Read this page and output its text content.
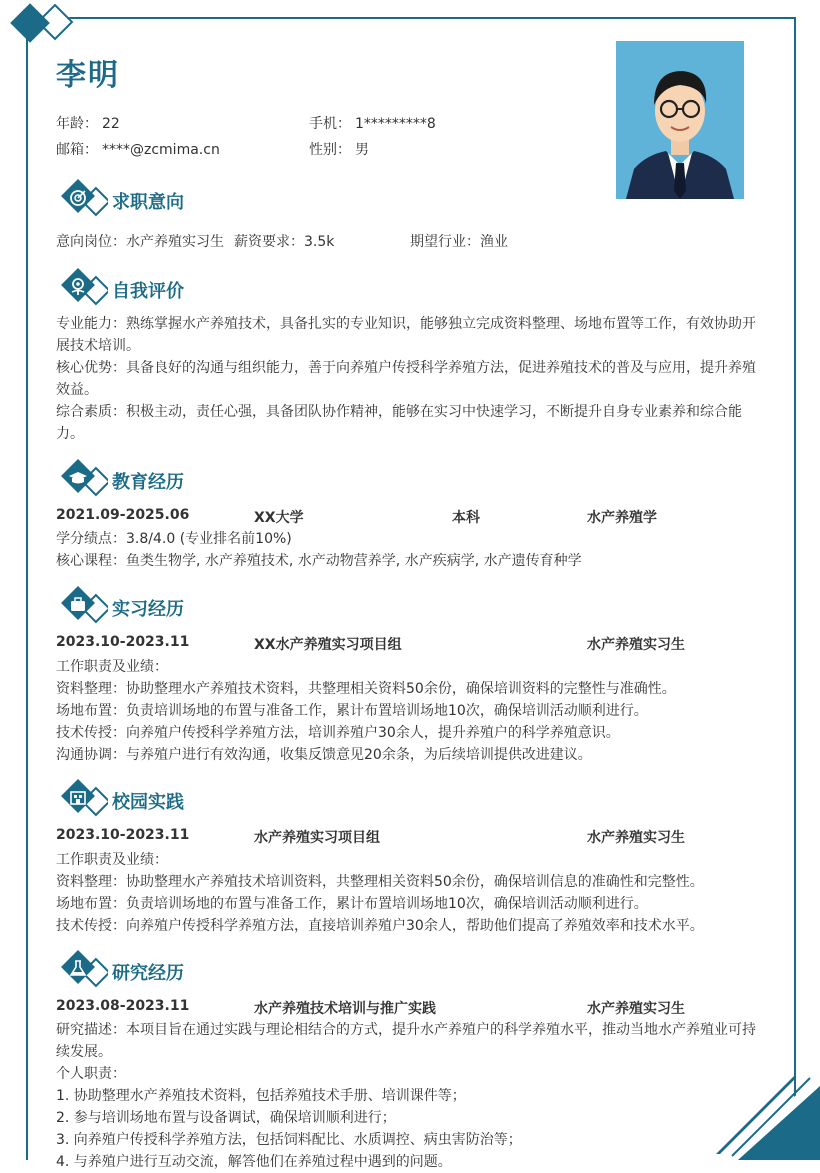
李明
年龄： 22	手机： 1*********8
邮箱： ****@zcmima.cn	性别： 男
求职意向
意向岗位：水产养殖实习生 薪资要求：3.5k	期望行业：渔业
自我评价
专业能力：熟练掌握水产养殖技术，具备扎实的专业知识，能够独立完成资料整理、场地布置等工作，有效协助开
展技术培训。
核心优势：具备良好的沟通与组织能力，善于向养殖户传授科学养殖方法，促进养殖技术的普及与应用，提升养殖
效益。
综合素质：积极主动，责任心强，具备团队协作精神，能够在实习中快速学习，不断提升自身专业素养和综合能
力。
教育经历
2021.09-2025.06	XX大学	本科	水产养殖学
学分绩点：3.8/4.0 (专业排名前10%)
核心课程：鱼类生物学, 水产养殖技术, 水产动物营养学, 水产疾病学, 水产遗传育种学
实习经历
2023.10-2023.11	XX水产养殖实习项目组	水产养殖实习生
工作职责及业绩：
资料整理：协助整理水产养殖技术资料，共整理相关资料50余份，确保培训资料的完整性与准确性。
场地布置：负责培训场地的布置与准备工作，累计布置培训场地10次，确保培训活动顺利进行。
技术传授：向养殖户传授科学养殖方法，培训养殖户30余人，提升养殖户的科学养殖意识。
沟通协调：与养殖户进行有效沟通，收集反馈意见20余条，为后续培训提供改进建议。
校园实践
2023.10-2023.11	水产养殖实习项目组	水产养殖实习生
工作职责及业绩：
资料整理：协助整理水产养殖技术培训资料，共整理相关资料50余份，确保培训信息的准确性和完整性。
场地布置：负责培训场地的布置与准备工作，累计布置培训场地10次，确保培训活动顺利进行。
技术传授：向养殖户传授科学养殖方法，直接培训养殖户30余人，帮助他们提高了养殖效率和技术水平。
研究经历
2023.08-2023.11	水产养殖技术培训与推广实践	水产养殖实习生
研究描述：本项目旨在通过实践与理论相结合的方式，提升水产养殖户的科学养殖水平，推动当地水产养殖业可持
续发展。
个人职责：
1. 协助整理水产养殖技术资料，包括养殖技术手册、培训课件等；
2. 参与培训场地布置与设备调试，确保培训顺利进行；
3. 向养殖户传授科学养殖方法，包括饲料配比、水质调控、病虫害防治等；
4. 与养殖户进行互动交流，解答他们在养殖过程中遇到的问题。
